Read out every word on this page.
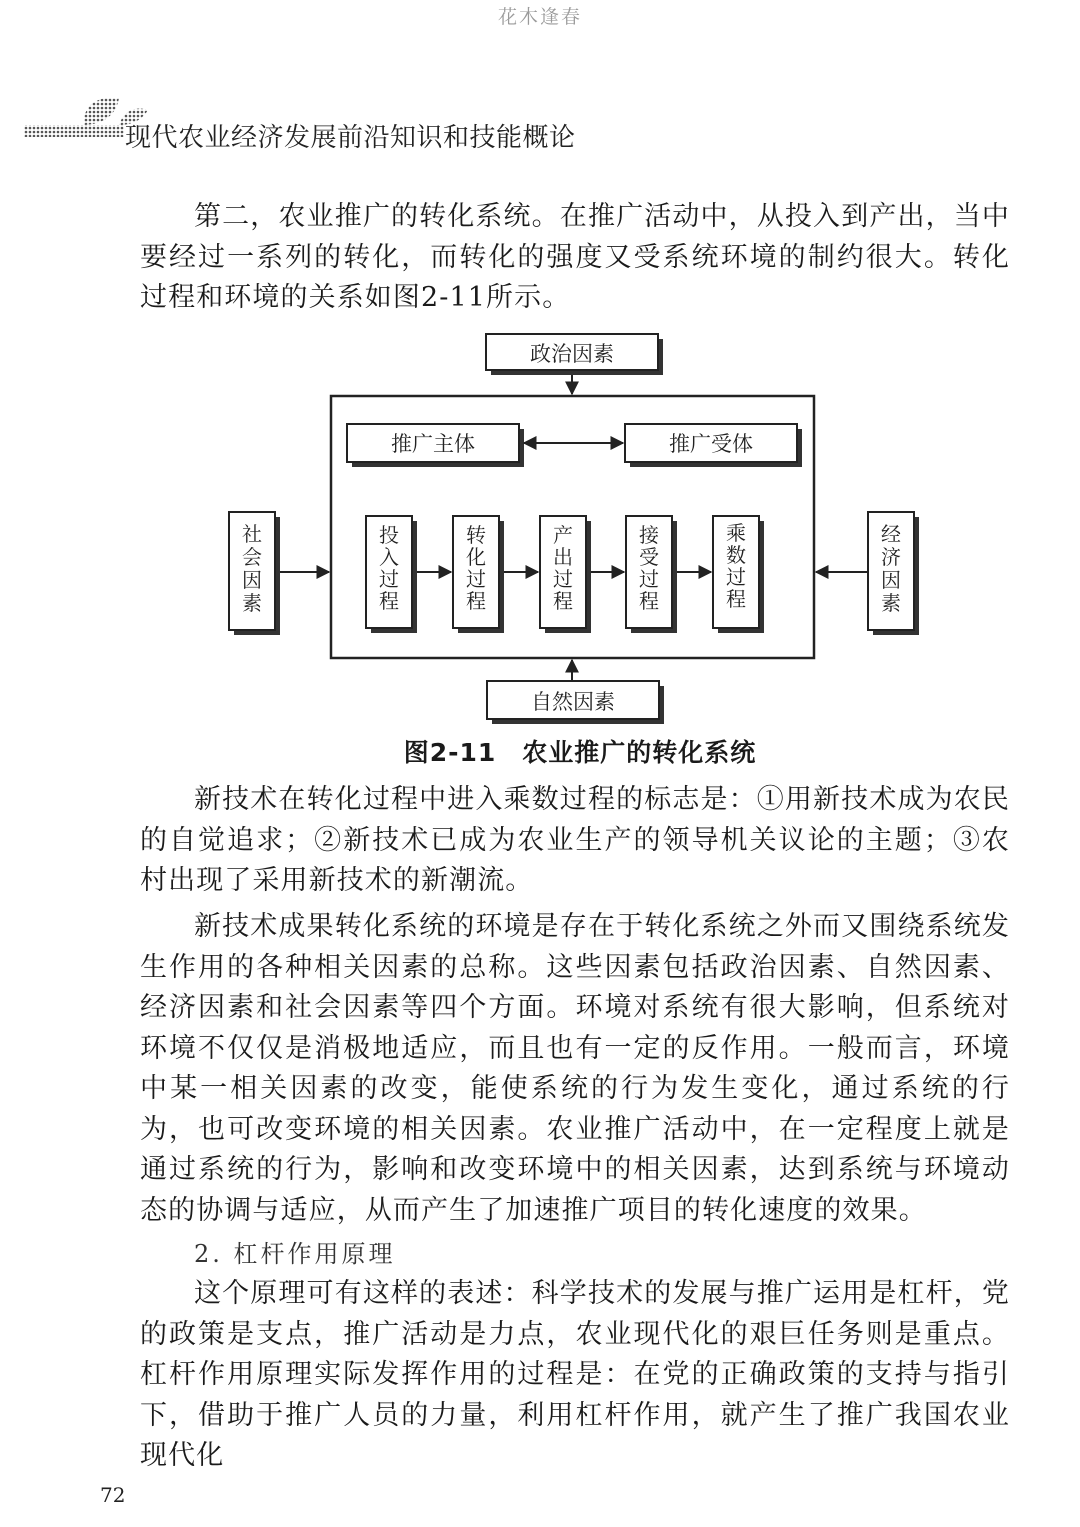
花木逢春
现代农业经济发展前沿知识和技能概论

第二，农业推广的转化系统。在推广活动中，从投入到产出，当中要经过一系列的转化，而转化的强度又受系统环境的制约很大。转化过程和环境的关系如图2-11所示。

政治因素
自然因素
推广主体	推广受体
社
会
因
素
经
济
因
素
投
入
过
程
转
化
过
程
产
出
过
程
接
受
过
程
乘
数
过
程
图2-11　农业推广的转化系统

新技术在转化过程中进入乘数过程的标志是：①用新技术成为农民的自觉追求；②新技术已成为农业生产的领导机关议论的主题；③农村出现了采用新技术的新潮流。

新技术成果转化系统的环境是存在于转化系统之外而又围绕系统发生作用的各种相关因素的总称。这些因素包括政治因素、自然因素、经济因素和社会因素等四个方面。环境对系统有很大影响，但系统对环境不仅仅是消极地适应，而且也有一定的反作用。一般而言，环境中某一相关因素的改变，能使系统的行为发生变化，通过系统的行为，也可改变环境的相关因素。农业推广活动中，在一定程度上就是通过系统的行为，影响和改变环境中的相关因素，达到系统与环境动态的协调与适应，从而产生了加速推广项目的转化速度的效果。

2. 杠杆作用原理

这个原理可有这样的表述：科学技术的发展与推广运用是杠杆，党的政策是支点，推广活动是力点，农业现代化的艰巨任务则是重点。杠杆作用原理实际发挥作用的过程是：在党的正确政策的支持与指引下，借助于推广人员的力量，利用杠杆作用，就产生了推广我国农业现代化

72
